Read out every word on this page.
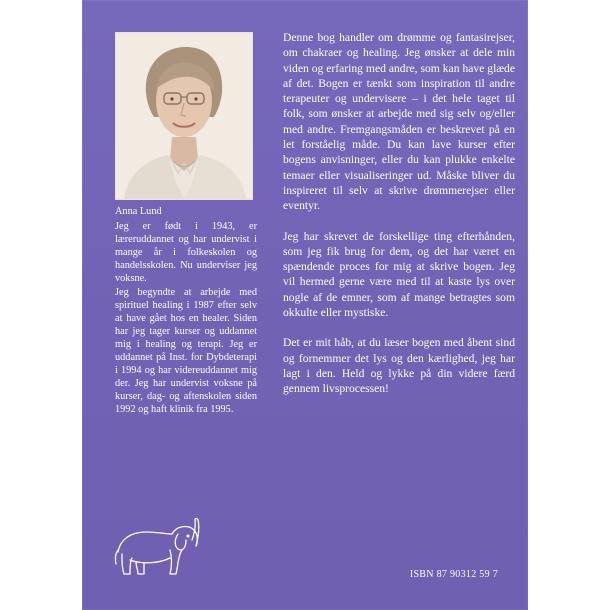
Anna Lund

Jeg er født i 1943, er læreruddannet og har undervist i mange år i folkeskolen og handelsskolen. Nu underviser jeg voksne.

Jeg begyndte at arbejde med spirituel healing i 1987 efter selv at have gået hos en healer. Siden har jeg tager kurser og uddannet mig i healing og terapi. Jeg er uddannet på Inst. for Dybdeterapi i 1994 og har videreuddannet mig der. Jeg har undervist voksne på kurser, dag- og aftenskolen siden 1992 og haft klinik fra 1995.

Denne bog handler om drømme og fantasirejser, om chakraer og healing. Jeg ønsker at dele min viden og erfaring med andre, som kan have glæde af det. Bogen er tænkt som inspiration til andre terapeuter og undervisere – i det hele taget til folk, som ønsker at arbejde med sig selv og/eller med andre. Fremgangsmåden er beskrevet på en let forståelig måde. Du kan lave kurser efter bogens anvisninger, eller du kan plukke enkelte temaer eller visualiseringer ud. Måske bliver du inspireret til selv at skrive drømmerejser eller eventyr.

Jeg har skrevet de forskellige ting efterhånden, som jeg fik brug for dem, og det har været en spændende proces for mig at skrive bogen. Jeg vil hermed gerne være med til at kaste lys over nogle af de emner, som af mange betragtes som okkulte eller mystiske.

Det er mit håb, at du læser bogen med åbent sind og fornemmer det lys og den kærlighed, jeg har lagt i den. Held og lykke på din videre færd gennem livsprocessen!

ISBN 87 90312 59 7
